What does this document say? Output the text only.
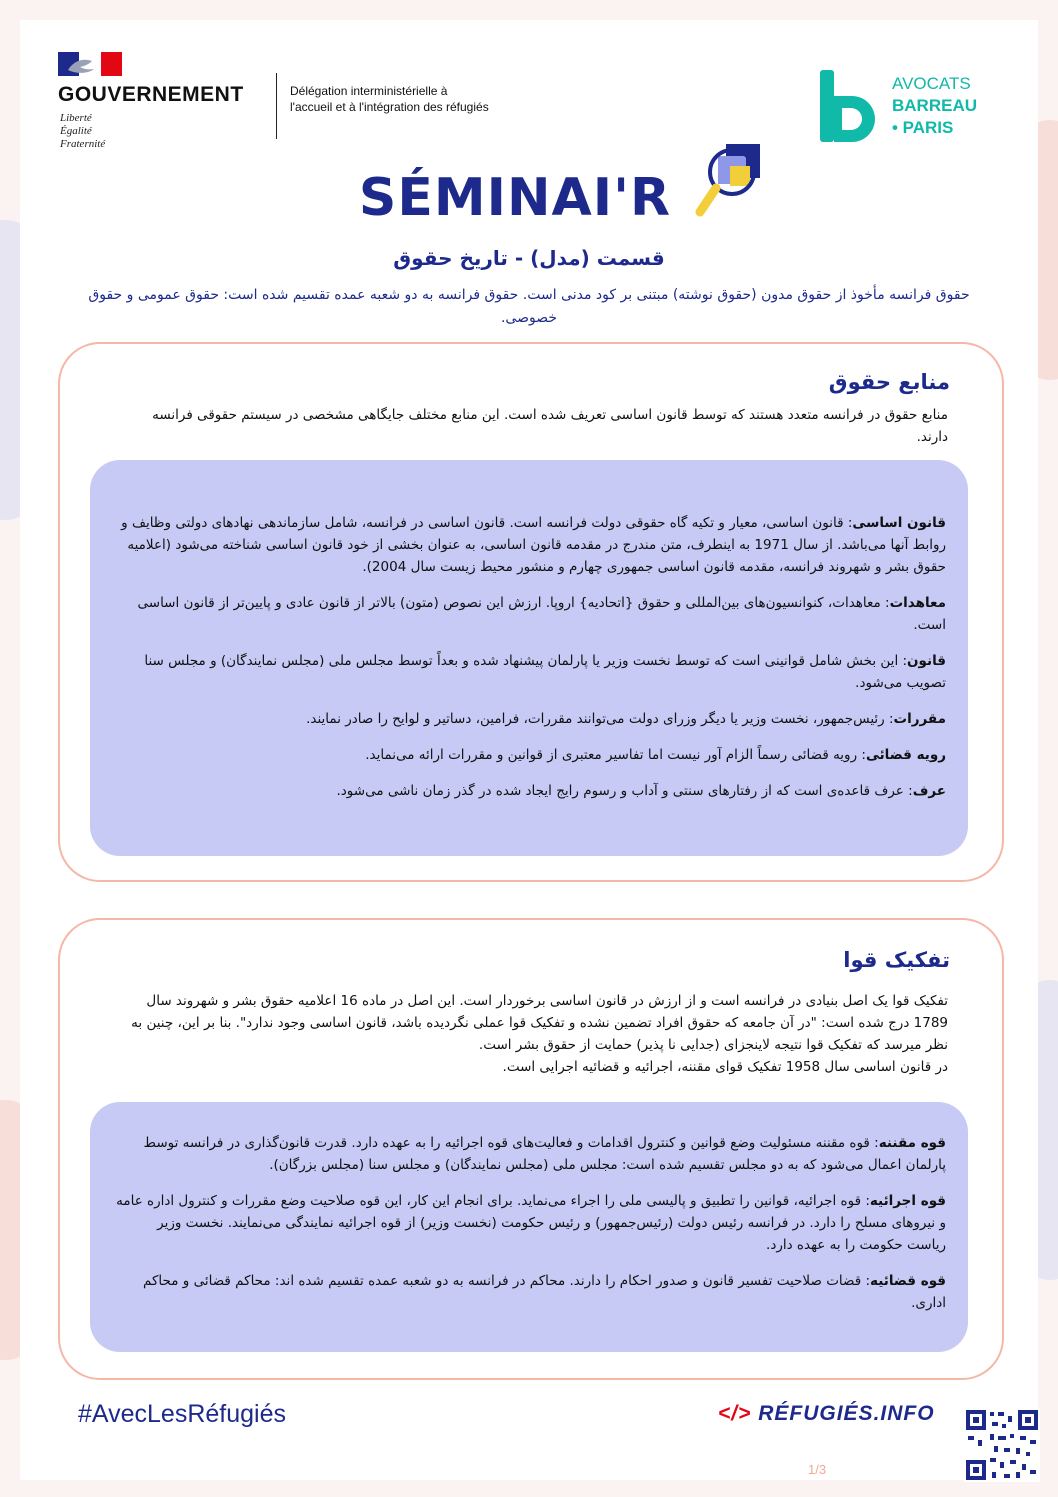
GOUVERNEMENT
Liberté
Égalité
Fraternité
Délégation interministérielle à l'accueil et à l'intégration des réfugiés
AVOCATS
BARREAU
• PARIS
SÉMINAI'R
قسمت (مدل) - تاریخ حقوق
حقوق فرانسه مأخوذ از حقوق مدون (حقوق نوشته) مبتنی بر کود مدنی است. حقوق فرانسه به دو شعبه عمده تقسیم شده است: حقوق عمومی و حقوق خصوصی.
منابع حقوق
منابع حقوق در فرانسه متعدد هستند که توسط قانون اساسی تعریف شده است. این منابع مختلف جایگاهی مشخصی در سیستم حقوقی فرانسه دارند.

قانون اساسی: قانون اساسی، معیار و تکیه گاه حقوقی دولت فرانسه است. قانون اساسی در فرانسه، شامل سازماندهی نهادهای دولتی وظایف و روابط آنها می‌باشد. از سال 1971 به اینطرف، متن مندرج در مقدمه قانون اساسی، به عنوان بخشی از خود قانون اساسی شناخته می‌شود (اعلامیه حقوق بشر و شهروند فرانسه، مقدمه قانون اساسی جمهوری چهارم و منشور محیط زیست سال 2004).

معاهدات: معاهدات، کنوانسیون‌های بین‌المللی و حقوق {اتحادیه} اروپا. ارزش این نصوص (متون) بالاتر از قانون عادی و پایین‌تر از قانون اساسی است.

قانون: این بخش شامل قوانینی است که توسط نخست وزیر یا پارلمان پیشنهاد شده و بعداً توسط مجلس ملی (مجلس نمایندگان) و مجلس سنا تصویب می‌شود.

مقررات: رئیس‌جمهور، نخست وزیر یا دیگر وزرای دولت می‌توانند مقررات، فرامین، دساتیر و لوایح را صادر نمایند.

رویه قضائی: رویه قضائی رسماً الزام آور نیست اما تفاسیر معتبری از قوانین و مقررات ارائه می‌نماید.

عرف: عرف قاعده‌ی است که از رفتارهای سنتی و آداب و رسوم رایج ایجاد شده در گذر زمان ناشی می‌شود.

تفکیک قوا
تفکیک قوا یک اصل بنیادی در فرانسه است و از ارزش در قانون اساسی برخوردار است. این اصل در ماده 16 اعلامیه حقوق بشر و شهروند سال 1789 درج شده است: "در آن جامعه که حقوق افراد تضمین نشده و تفکیک قوا عملی نگردیده باشد، قانون اساسی وجود ندارد". بنا بر این، چنین به نظر میرسد که تفکیک قوا نتیجه لاینجزای (جدایی نا پذیر) حمایت از حقوق بشر است.
در قانون اساسی سال 1958 تفکیک قوای مقننه، اجرائیه و قضائیه اجرایی است.

قوه مقننه: قوه مقننه مسئولیت وضع قوانین و کنترول اقدامات و فعالیت‌های قوه اجرائیه را به عهده دارد. قدرت قانون‌گذاری در فرانسه توسط پارلمان اعمال می‌شود که به دو مجلس تقسیم شده است: مجلس ملی (مجلس نمایندگان) و مجلس سنا (مجلس بزرگان).

قوه اجرائیه: قوه اجرائیه، قوانین را تطبیق و پالیسی ملی را اجراء می‌نماید. برای انجام این کار، این قوه صلاحیت وضع مقررات و کنترول اداره عامه و نیروهای مسلح را دارد. در فرانسه رئیس دولت (رئیس‌جمهور) و رئیس حکومت (نخست وزیر) از قوه اجرائیه نمایندگی می‌نمایند. نخست وزیر ریاست حکومت را به عهده دارد.

قوه قضائیه: قضات صلاحیت تفسیر قانون و صدور احکام را دارند. محاکم در فرانسه به دو شعبه عمده تقسیم شده اند: محاکم قضائی و محاکم اداری.

#AvecLesRéfugiés	</> RÉFUGIÉS.INFO
1/3
